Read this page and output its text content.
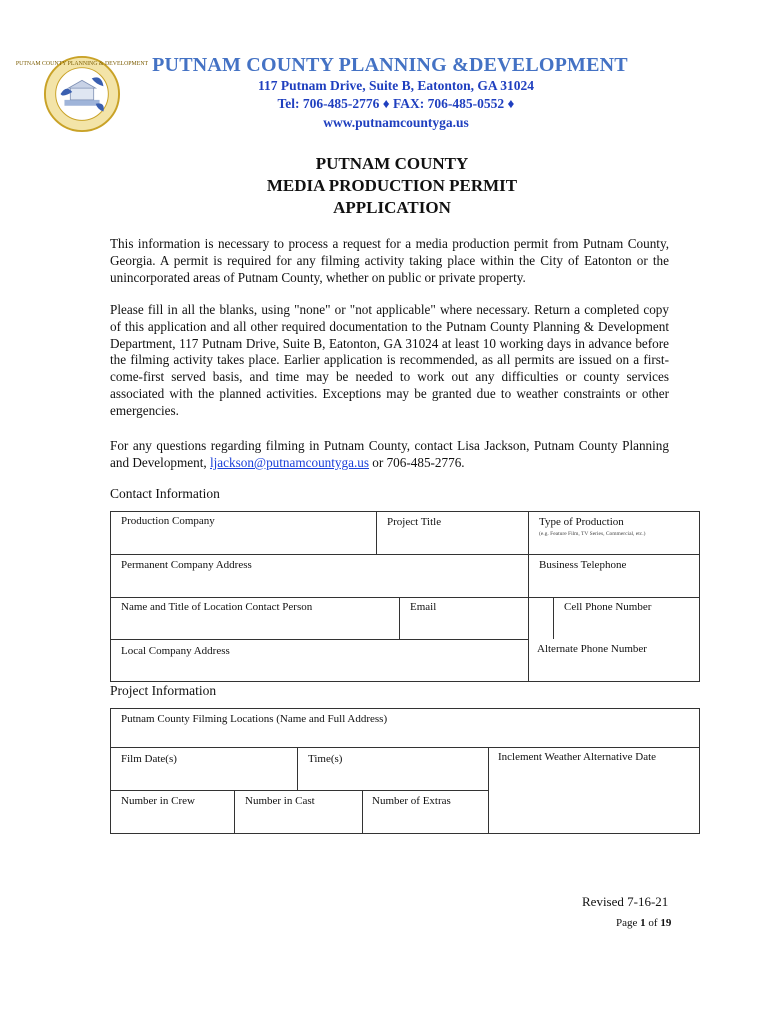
PUTNAM COUNTY PLANNING & DEVELOPMENT PUTNAM COUNTY PLANNING &DEVELOPMENT
117 Putnam Drive, Suite B, Eatonton, GA 31024
Tel: 706-485-2776 ♦ FAX: 706-485-0552 ♦
www.putnamcountyga.us
PUTNAM COUNTY
MEDIA PRODUCTION PERMIT
APPLICATION
This information is necessary to process a request for a media production permit from Putnam County, Georgia. A permit is required for any filming activity taking place within the City of Eatonton or the unincorporated areas of Putnam County, whether on public or private property.
Please fill in all the blanks, using "none" or "not applicable" where necessary. Return a completed copy of this application and all other required documentation to the Putnam County Planning & Development Department, 117 Putnam Drive, Suite B, Eatonton, GA 31024 at least 10 working days in advance before the filming activity takes place. Earlier application is recommended, as all permits are issued on a first-come-first served basis, and time may be needed to work out any difficulties or county services associated with the planned activities. Exceptions may be granted due to weather constraints or other emergencies.
For any questions regarding filming in Putnam County, contact Lisa Jackson, Putnam County Planning and Development, ljackson@putnamcountyga.us or 706-485-2776.
Contact Information
Production Company	Project Title	Type of Production
(e.g. Feature Film, TV Series, Commercial, etc.)
Permanent Company Address	Business Telephone
Name and Title of Location Contact Person	Email	Cell Phone Number
Local Company Address	Alternate Phone Number
Project Information
Putnam County Filming Locations (Name and Full Address)
Film Date(s)	Time(s)	Inclement Weather Alternative Date
Number in Crew	Number in Cast	Number of Extras
Revised 7-16-21
Page 1 of 19
